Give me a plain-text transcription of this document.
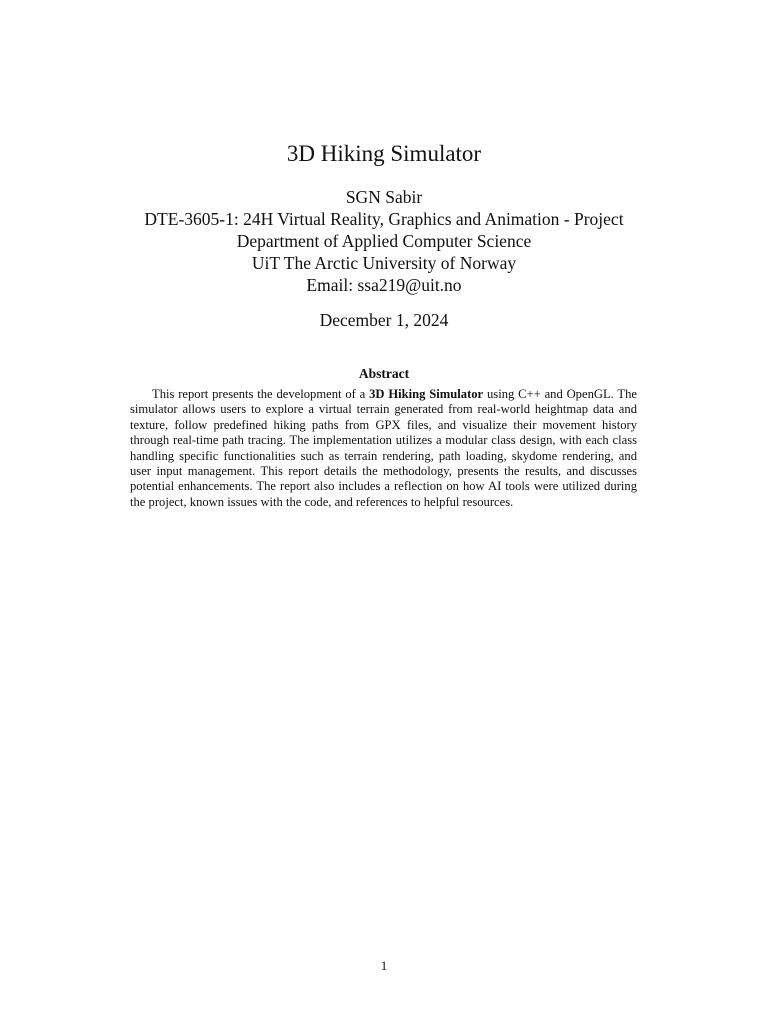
3D Hiking Simulator
SGN Sabir
DTE-3605-1: 24H Virtual Reality, Graphics and Animation - Project
Department of Applied Computer Science
UiT The Arctic University of Norway
Email: ssa219@uit.no
December 1, 2024
Abstract
This report presents the development of a 3D Hiking Simulator using C++ and OpenGL. The simulator allows users to explore a virtual terrain generated from real-world heightmap data and texture, follow predefined hiking paths from GPX files, and visualize their movement history through real-time path tracing. The implementation utilizes a modular class design, with each class handling specific functionalities such as terrain rendering, path loading, skydome rendering, and user input management. This report details the methodology, presents the results, and discusses potential enhancements. The report also includes a reflection on how AI tools were utilized during the project, known issues with the code, and references to helpful resources.
1
